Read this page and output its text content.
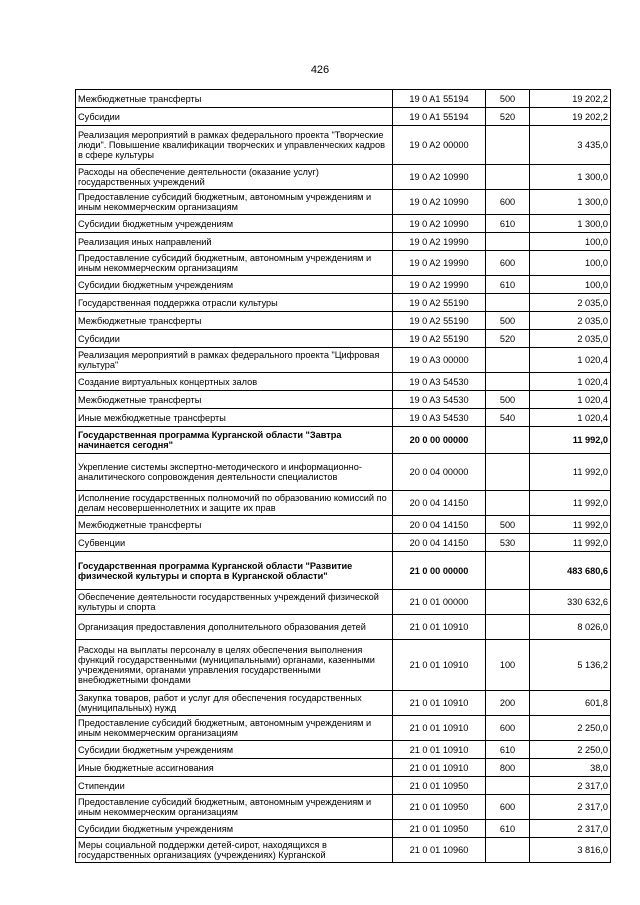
426
Межбюджетные трансферты	19 0 A1 55194	500	19 202,2
Субсидии	19 0 A1 55194	520	19 202,2
Реализация мероприятий в рамках федерального проекта "Творческие люди". Повышение квалификации творческих и управленческих кадров в сфере культуры	19 0 A2 00000		3 435,0
Расходы на обеспечение деятельности (оказание услуг) государственных учреждений	19 0 A2 10990		1 300,0
Предоставление субсидий бюджетным, автономным учреждениям и иным некоммерческим организациям	19 0 A2 10990	600	1 300,0
Субсидии бюджетным учреждениям	19 0 A2 10990	610	1 300,0
Реализация иных направлений	19 0 A2 19990		100,0
Предоставление субсидий бюджетным, автономным учреждениям и иным некоммерческим организациям	19 0 A2 19990	600	100,0
Субсидии бюджетным учреждениям	19 0 A2 19990	610	100,0
Государственная поддержка отрасли культуры	19 0 A2 55190		2 035,0
Межбюджетные трансферты	19 0 A2 55190	500	2 035,0
Субсидии	19 0 A2 55190	520	2 035,0
Реализация мероприятий в рамках федерального проекта "Цифровая культура"	19 0 A3 00000		1 020,4
Создание виртуальных концертных залов	19 0 A3 54530		1 020,4
Межбюджетные трансферты	19 0 A3 54530	500	1 020,4
Иные межбюджетные трансферты	19 0 A3 54530	540	1 020,4
Государственная программа Курганской области "Завтра начинается сегодня"	20 0 00 00000		11 992,0
Укрепление системы экспертно-методического и информационно-аналитического сопровождения деятельности специалистов	20 0 04 00000		11 992,0
Исполнение государственных полномочий по образованию комиссий по делам несовершеннолетних и защите их прав	20 0 04 14150		11 992,0
Межбюджетные трансферты	20 0 04 14150	500	11 992,0
Субвенции	20 0 04 14150	530	11 992,0
Государственная программа Курганской области "Развитие физической культуры и спорта в Курганской области"	21 0 00 00000		483 680,6
Обеспечение деятельности государственных учреждений физической культуры и спорта	21 0 01 00000		330 632,6
Организация предоставления дополнительного образования детей	21 0 01 10910		8 026,0
Расходы на выплаты персоналу в целях обеспечения выполнения функций государственными (муниципальными) органами, казенными учреждениями, органами управления государственными внебюджетными фондами	21 0 01 10910	100	5 136,2
Закупка товаров, работ и услуг для обеспечения государственных (муниципальных) нужд	21 0 01 10910	200	601,8
Предоставление субсидий бюджетным, автономным учреждениям и иным некоммерческим организациям	21 0 01 10910	600	2 250,0
Субсидии бюджетным учреждениям	21 0 01 10910	610	2 250,0
Иные бюджетные ассигнования	21 0 01 10910	800	38,0
Стипендии	21 0 01 10950		2 317,0
Предоставление субсидий бюджетным, автономным учреждениям и иным некоммерческим организациям	21 0 01 10950	600	2 317,0
Субсидии бюджетным учреждениям	21 0 01 10950	610	2 317,0
Меры социальной поддержки детей-сирот, находящихся в государственных организациях (учреждениях) Курганской	21 0 01 10960		3 816,0
